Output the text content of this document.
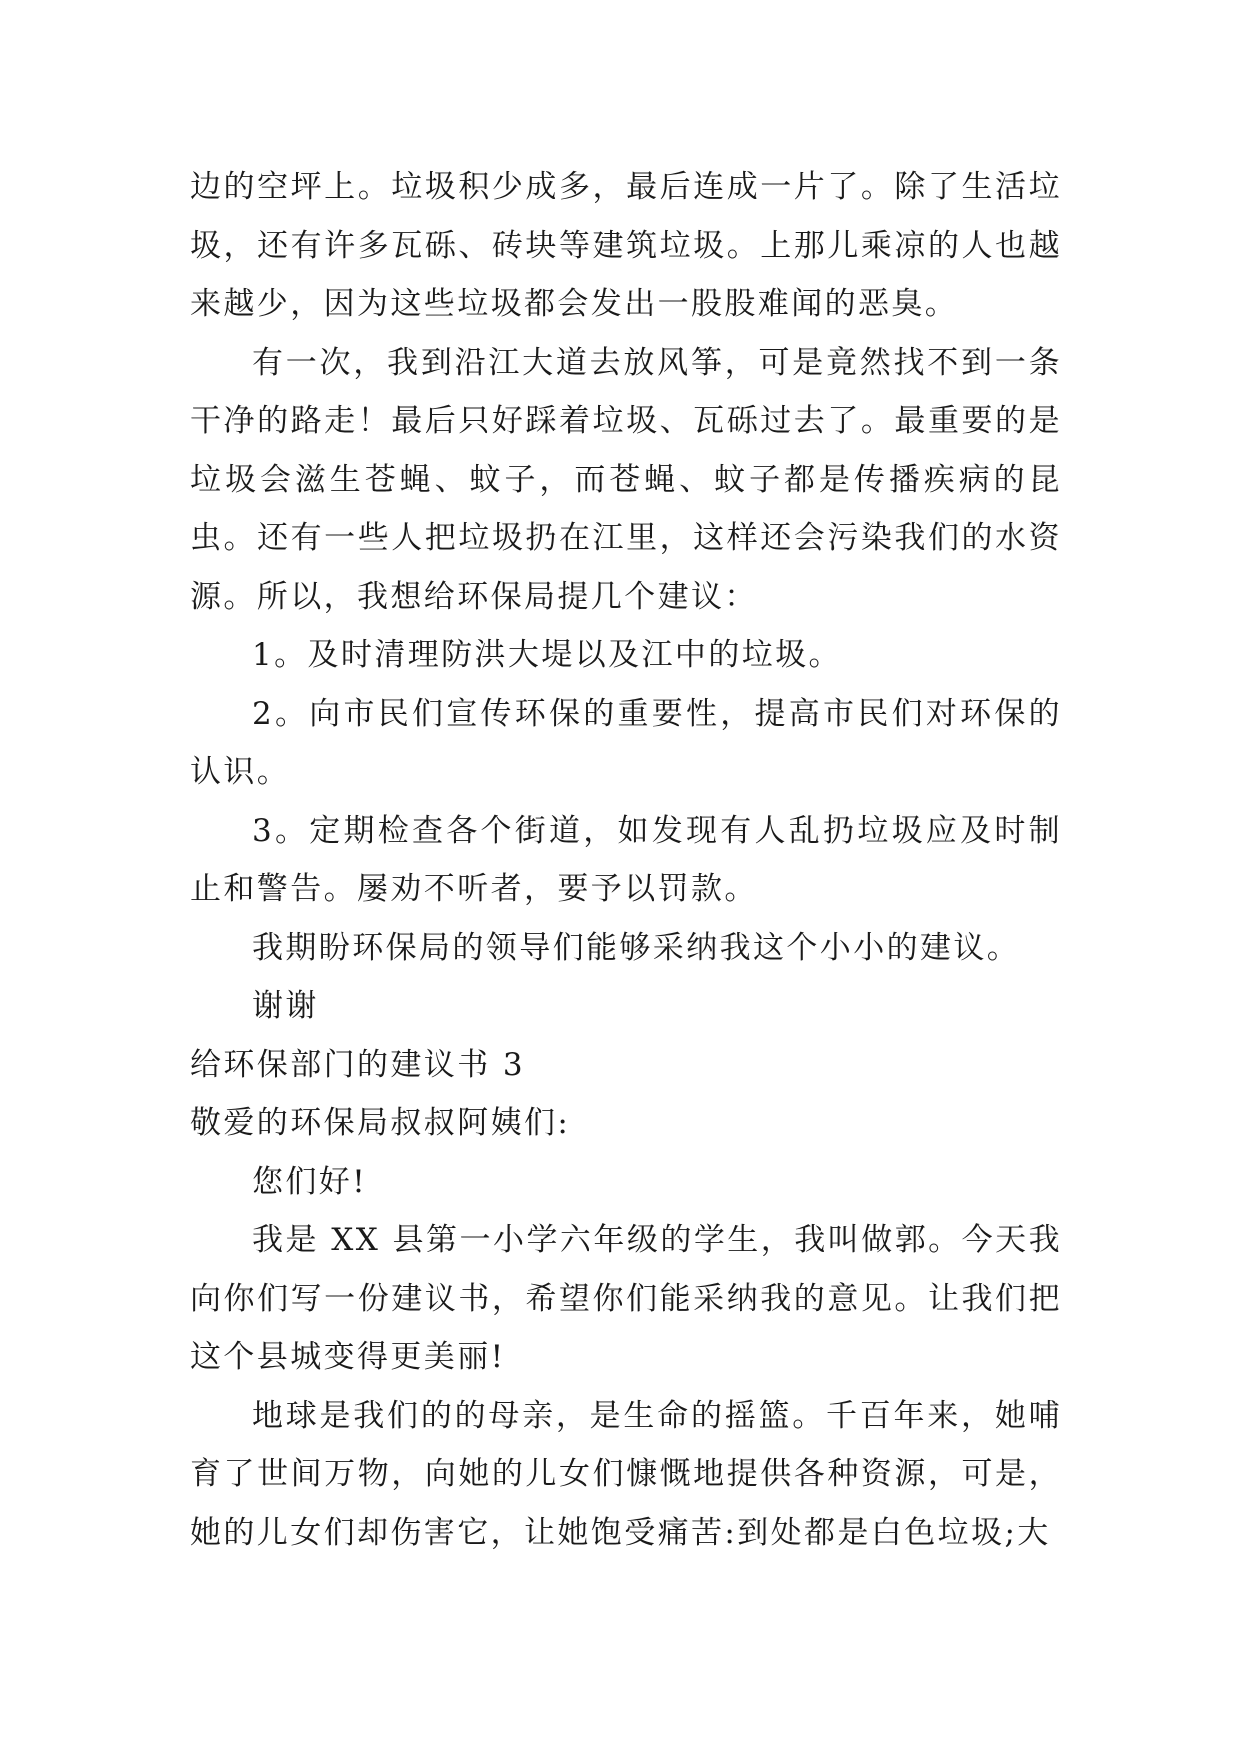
边的空坪上。垃圾积少成多，最后连成一片了。除了生活垃圾，还有许多瓦砾、砖块等建筑垃圾。上那儿乘凉的人也越来越少，因为这些垃圾都会发出一股股难闻的恶臭。

有一次，我到沿江大道去放风筝，可是竟然找不到一条干净的路走！最后只好踩着垃圾、瓦砾过去了。最重要的是垃圾会滋生苍蝇、蚊子，而苍蝇、蚊子都是传播疾病的昆虫。还有一些人把垃圾扔在江里，这样还会污染我们的水资源。所以，我想给环保局提几个建议：

1。及时清理防洪大堤以及江中的垃圾。

2。向市民们宣传环保的重要性，提高市民们对环保的认识。

3。定期检查各个街道，如发现有人乱扔垃圾应及时制止和警告。屡劝不听者，要予以罚款。

我期盼环保局的领导们能够采纳我这个小小的建议。

谢谢

给环保部门的建议书 3

敬爱的环保局叔叔阿姨们:

您们好!

我是 XX 县第一小学六年级的学生，我叫做郭。今天我向你们写一份建议书，希望你们能采纳我的意见。让我们把这个县城变得更美丽!

地球是我们的的母亲，是生命的摇篮。千百年来，她哺育了世间万物，向她的儿女们慷慨地提供各种资源，可是，她的儿女们却伤害它，让她饱受痛苦:到处都是白色垃圾;大
